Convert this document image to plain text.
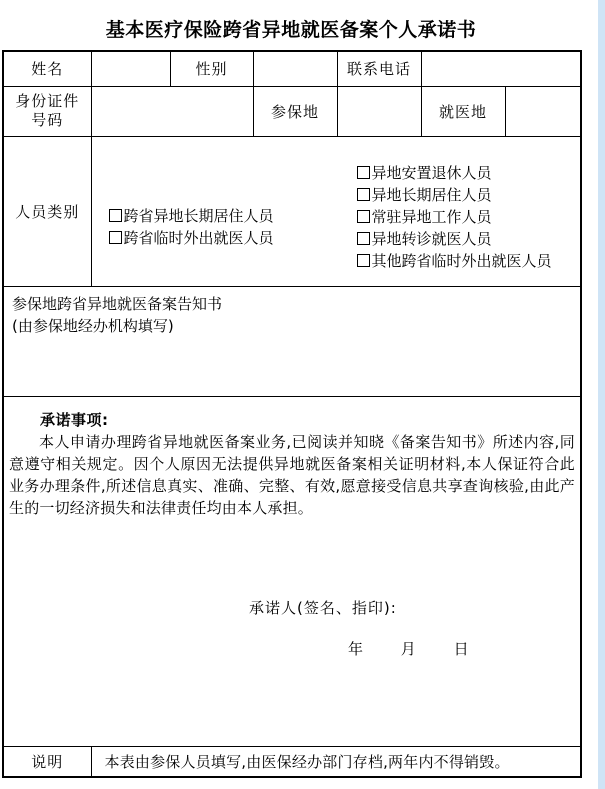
基本医疗保险跨省异地就医备案个人承诺书
姓名		性别		联系电话		

身份证件
号码			参保地		就医地	
人员类别	跨省异地长期居住人员
跨省临时外出就医人员
异地安置退休人员
异地长期居住人员
常驻异地工作人员
异地转诊就医人员
其他跨省临时外出就医人员

参保地跨省异地就医备案告知书
(由参保地经办机构填写)						

承诺事项:

本人申请办理跨省异地就医备案业务,已阅读并知晓《备案告知书》所述内容,同意遵守相关规定。因个人原因无法提供异地就医备案相关证明材料,本人保证符合此业务办理条件,所述信息真实、准确、完整、有效,愿意接受信息共享查询核验,由此产生的一切经济损失和法律责任均由本人承担。

承诺人(签名、指印):
年 月 日						

说明	本表由参保人员填写,由医保经办部门存档,两年内不得销毁。					
